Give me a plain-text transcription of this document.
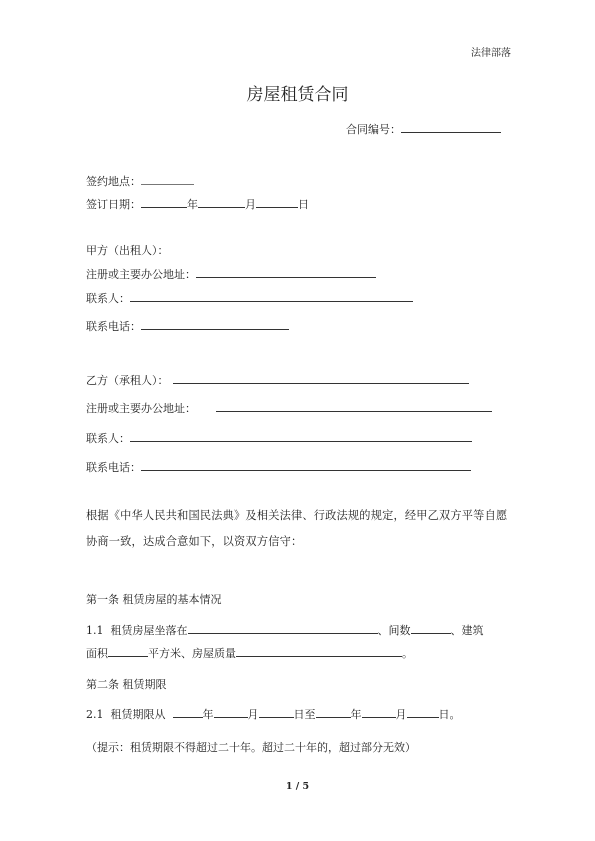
法律部落
房屋租赁合同
合同编号：
签约地点：
签订日期：	年	月	日
甲方（出租人）：
注册或主要办公地址：
联系人：
联系电话：
乙方（承租人）：
注册或主要办公地址：
联系人：
联系电话：
根据《中华人民共和国民法典》及相关法律、行政法规的规定，经甲乙双方平等自愿协商一致，达成合意如下，以资双方信守：
第一条 租赁房屋的基本情况
1.1 租赁房屋坐落在	、间数	、建筑
面积	平方米、房屋质量	。
第二条 租赁期限
2.1 租赁期限从	年	月	日至	年	月	日。
（提示：租赁期限不得超过二十年。超过二十年的，超过部分无效）
1 / 5
